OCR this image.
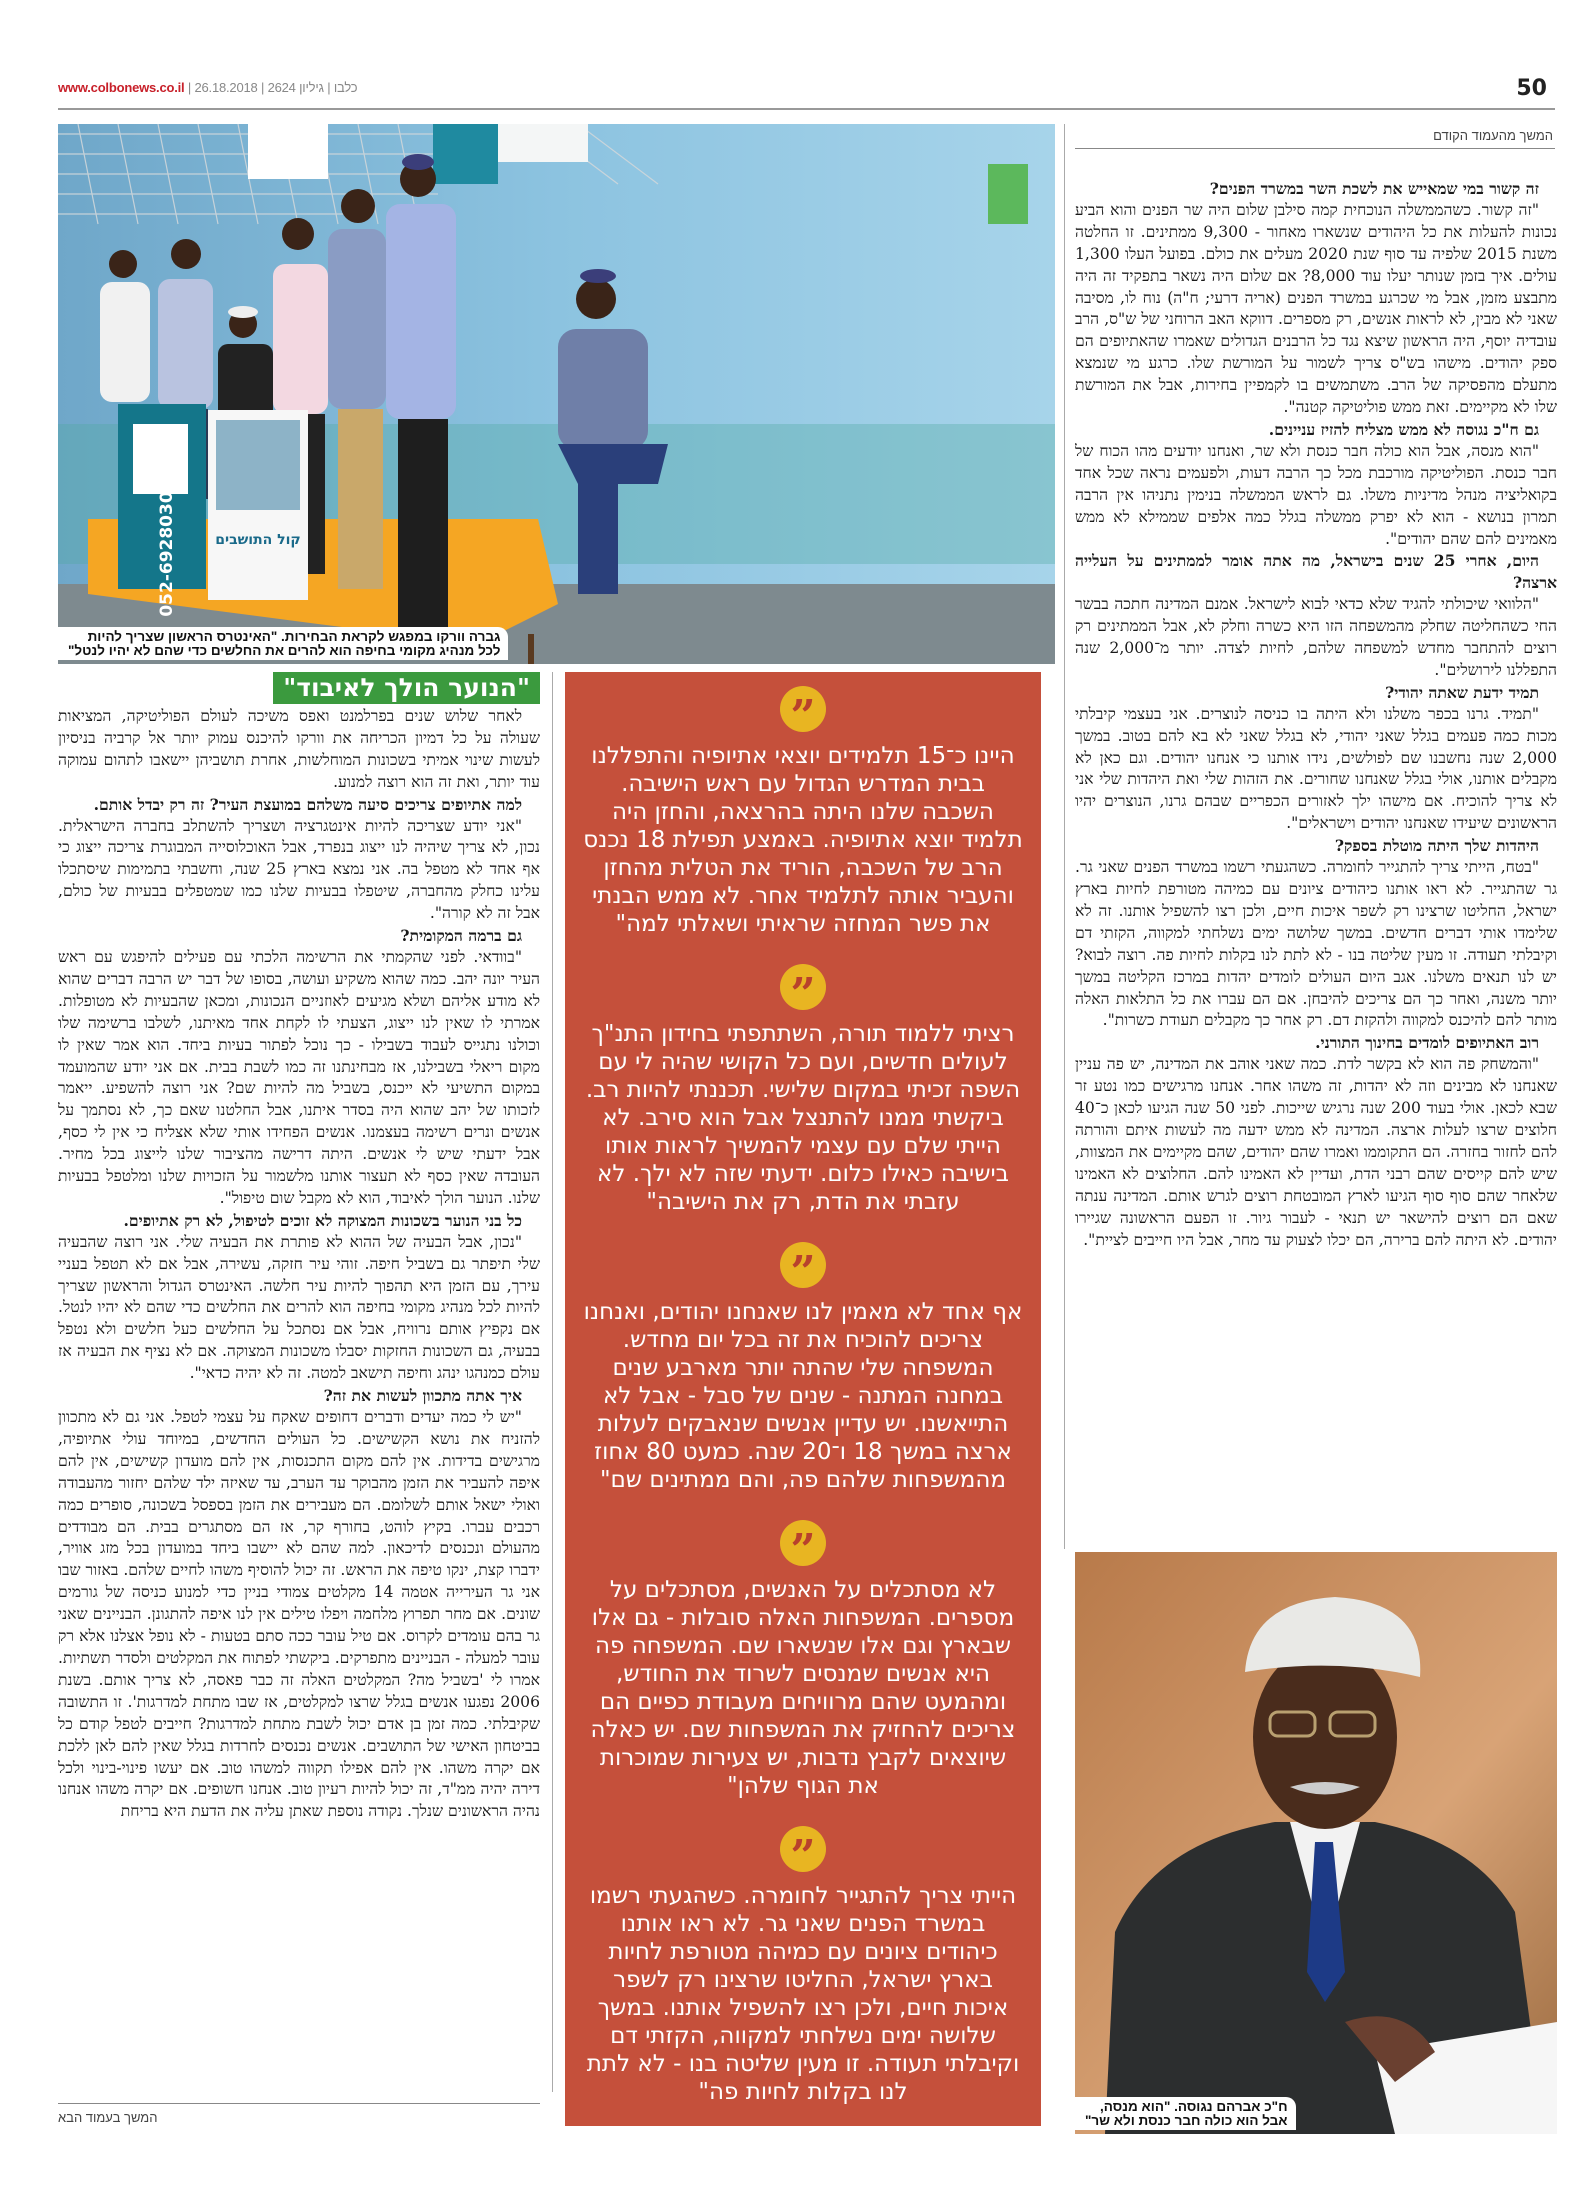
www.colbonews.co.il |	כלבו | גיליון 2624 | 26.18.2018	50
המשך מהעמוד הקודם
052-6928030	קול התושבים
גברה וורקו במפגש לקראת הבחירות. "האינטרס הראשון שצריך להיות
לכל מנהיג מקומי בחיפה הוא להרים את החלשים כדי שהם לא יהיו לנטל"
"הנוער הולך לאיבוד"

לאחר שלוש שנים בפרלמנט ואפס משיכה לעולם הפוליטיקה, המציאות שעולה על כל דמיון הכריחה את וורקו להיכנס עמוק יותר אל קרביה בניסיון לעשות שינוי אמיתי בשכונות המוחלשות, אחרת תושביהן יישאבו לתהום עמוקה עוד יותר, ואת זה הוא רוצה למנוע.

למה אתיופים צריכים סיעה משלהם במועצת העיר? זה רק יבדל אותם.

"אני יודע שצריכה להיות אינטגרציה ושצריך להשתלב בחברה הישראלית. נכון, לא צריך שיהיה לנו ייצוג בנפרד, אבל האוכלוסייה המבוגרת צריכה ייצוג כי אף אחד לא מטפל בה. אני נמצא בארץ 25 שנה, וחשבתי בתמימות שיסתכלו עלינו כחלק מהחברה, שיטפלו בבעיות שלנו כמו שמטפלים בבעיות של כולם, אבל זה לא קורה".

גם ברמה המקומית?

"בוודאי. לפני שהקמתי את הרשימה הלכתי עם פעילים להיפגש עם ראש העיר יונה יהב. כמה שהוא משקיע ועושה, בסופו של דבר יש הרבה דברים שהוא לא מודע אליהם ושלא מגיעים לאוזניים הנכונות, ומכאן שהבעיות לא מטופלות. אמרתי לו שאין לנו ייצוג, הצעתי לו לקחת אחד מאיתנו, לשלבו ברשימה שלו וכולנו נתגייס לעבוד בשבילו - כך נוכל לפתור בעיות ביחד. הוא אמר שאין לו מקום ריאלי בשבילנו, אז מבחינתנו זה כמו לשבת בבית. אם אני יודע שהמועמד במקום התשיעי לא ייכנס, בשביל מה להיות שם? אני רוצה להשפיע. ייאמר לזכותו של יהב שהוא היה בסדר איתנו, אבל החלטנו שאם כך, לא נסתמך על אנשים ונרים רשימה בעצמנו. אנשים הפחידו אותי שלא אצליח כי אין לי כסף, אבל ידעתי שיש לי אנשים. היתה דרישה מהציבור שלנו לייצוג בכל מחיר. העובדה שאין כסף לא תעצור אותנו מלשמור על הזכויות שלנו ומלטפל בבעיות שלנו. הנוער הולך לאיבוד, הוא לא מקבל שום טיפול".

כל בני הנוער בשכונות המצוקה לא זוכים לטיפול, לא רק אתיופים.

"נכון, אבל הבעיה של ההוא לא פותרת את הבעיה שלי. אני רוצה שהבעיה שלי תיפתר גם בשביל חיפה. זוהי עיר חזקה, עשירה, אבל אם לא תטפל בעניי עירך, עם הזמן היא תהפוך להיות עיר חלשה. האינטרס הגדול והראשון שצריך להיות לכל מנהיג מקומי בחיפה הוא להרים את החלשים כדי שהם לא יהיו לנטל. אם נקפיץ אותם נרוויח, אבל אם נסתכל על החלשים כעל חלשים ולא נטפל בבעיה, גם השכונות החזקות יסבלו משכונות המצוקה. אם לא נציף את הבעיה אז עולם כמנהגו ינהג וחיפה תישאב למטה. זה לא יהיה כדאי".

איך אתה מתכוון לעשות את זה?

"יש לי כמה יעדים ודברים דחופים שאקח על עצמי לטפל. אני גם לא מתכוון להזניח את נושא הקשישים. כל העולים החדשים, במיוחד עולי אתיופיה, מרגישים בדידות. אין להם מקום התכנסות, אין להם מועדון קשישים, אין להם איפה להעביר את הזמן מהבוקר עד הערב, עד שאיזה ילד שלהם יחזור מהעבודה ואולי ישאל אותם לשלומם. הם מעבירים את הזמן בספסל בשכונה, סופרים כמה רכבים עברו. בקיץ לוהט, בחורף קר, אז הם מסתגרים בבית. הם מבודדים מהעולם ונכנסים לדיכאון. למה שהם לא יישבו ביחד במועדון בכל מזג אוויר, ידברו קצת, ינקו טיפה את הראש. זה יכול להוסיף משהו לחיים שלהם. באזור שבו אני גר העירייה אטמה 14 מקלטים צמודי בניין כדי למנוע כניסה של גורמים שונים. אם מחר תפרוץ מלחמה ויפלו טילים אין לנו איפה להתגונן. הבניינים שאני גר בהם עומדים לקרוס. אם טיל עובר ככה סתם בטעות - לא נופל אצלנו אלא רק עובר למעלה - הבניינים מתפרקים. ביקשתי לפתוח את המקלטים ולסדר תשתיות. אמרו לי 'בשביל מה? המקלטים האלה זה כבר פאסה, לא צריך אותם. בשנת 2006 נפגעו אנשים בגלל שרצו למקלטים, אז שבו מתחת למדרגות'. זו התשובה שקיבלתי. כמה זמן בן אדם יכול לשבת מתחת למדרגות? חייבים לטפל קודם כל בביטחון האישי של התושבים. אנשים נכנסים לחרדות בגלל שאין להם לאן ללכת אם יקרה משהו. אין להם אפילו תקווה למשהו טוב. אם יעשו פינוי-בינוי ולכל דירה יהיה ממ"ד, זה יכול להיות רעיון טוב. אנחנו חשופים. אם יקרה משהו אנחנו נהיה הראשונים שנלך. נקודה נוספת שאתן עליה את הדעת היא בריחת

המשך בעמוד הבא
”
היינו כ־15 תלמידים יוצאי אתיופיה והתפללנו בבית המדרש הגדול עם ראש הישיבה. השכבה שלנו היתה בהרצאה, והחזן היה תלמיד יוצא אתיופיה. באמצע תפילת 18 נכנס הרב של השכבה, הוריד את הטלית מהחזן והעביר אותה לתלמיד אחר. לא ממש הבנתי את פשר המחזה שראיתי ושאלתי למה"
”
רציתי ללמוד תורה, השתתפתי בחידון התנ"ך לעולים חדשים, ועם כל הקושי שהיה לי עם השפה זכיתי במקום שלישי. תכננתי להיות רב. ביקשתי ממנו להתנצל אבל הוא סירב. לא הייתי שלם עם עצמי להמשיך לראות אותו בישיבה כאילו כלום. ידעתי שזה לא ילך. לא עזבתי את הדת, רק את הישיבה"
”
אף אחד לא מאמין לנו שאנחנו יהודים, ואנחנו צריכים להוכיח את זה בכל יום מחדש. המשפחה שלי שהתה יותר מארבע שנים במחנה המתנה - שנים של סבל - אבל לא התייאשנו. יש עדיין אנשים שנאבקים לעלות ארצה במשך 18 ו־20 שנה. כמעט 80 אחוז מהמשפחות שלהם פה, והם ממתינים שם"
”
לא מסתכלים על האנשים, מסתכלים על מספרים. המשפחות האלה סובלות - גם אלו שבארץ וגם אלו שנשארו שם. המשפחה פה היא אנשים שמנסים לשרוד את החודש, ומהמעט שהם מרוויחים מעבודת כפיים הם צריכים להחזיק את המשפחות שם. יש כאלה שיוצאים לקבץ נדבות, יש צעירות שמוכרות את הגוף שלהן"
”
הייתי צריך להתגייר לחומרה. כשהגעתי רשמו במשרד הפנים שאני גר. לא ראו אותנו כיהודים ציונים עם כמיהה מטורפת לחיות בארץ ישראל, החליטו שרצינו רק לשפר איכות חיים, ולכן רצו להשפיל אותנו. במשך שלושה ימים נשלחתי למקווה, הקזתי דם וקיבלתי תעודה. זו מעין שליטה בנו - לא לתת לנו בקלות לחיות פה"

זה קשור במי שמאייש את לשכת השר במשרד הפנים?

"זה קשור. כשהממשלה הנוכחית קמה סילבן שלום היה שר הפנים והוא הביע נכונות להעלות את כל היהודים שנשארו מאחור - 9,300 ממתינים. זו החלטה משנת 2015 שלפיה עד סוף שנת 2020 מעלים את כולם. בפועל העלו 1,300 עולים. איך בזמן שנותר יעלו עוד 8,000? אם שלום היה נשאר בתפקיד זה היה מתבצע מזמן, אבל מי שכרגע במשרד הפנים (אריה דרעי; ח"ה) נוח לו, מסיבה שאני לא מבין, לא לראות אנשים, רק מספרים. דווקא האב הרוחני של ש"ס, הרב עובדיה יוסף, היה הראשון שיצא נגד כל הרבנים הגדולים שאמרו שהאתיופים הם ספק יהודים. מישהו בש"ס צריך לשמור על המורשת שלו. כרגע מי שנמצא מתעלם מהפסיקה של הרב. משתמשים בו לקמפיין בחירות, אבל את המורשת שלו לא מקיימים. זאת ממש פוליטיקה קטנה".

גם ח"כ נגוסה לא ממש מצליח להזיז עניינים.

"הוא מנסה, אבל הוא כולה חבר כנסת ולא שר, ואנחנו יודעים מהו הכוח של חבר כנסת. הפוליטיקה מורכבת מכל כך הרבה דעות, ולפעמים נראה שכל אחד בקואליציה מנהל מדיניות משלו. גם לראש הממשלה בנימין נתניהו אין הרבה תמרון בנושא - הוא לא יפרק ממשלה בגלל כמה אלפים שממילא לא ממש מאמינים להם שהם יהודים".

היום, אחרי 25 שנים בישראל, מה אתה אומר לממתינים על העלייה ארצה?

"הלוואי שיכולתי להגיד שלא כדאי לבוא לישראל. אמנם המדינה חתכה בבשר החי כשהחליטה שחלק מהמשפחה הזו היא כשרה וחלק לא, אבל הממתינים רק רוצים להתחבר מחדש למשפחה שלהם, לחיות לצדה. יותר מ־2,000 שנה התפללנו לירושלים".

תמיד ידעת שאתה יהודי?

"תמיד. גרנו בכפר משלנו ולא היתה בו כניסה לנוצרים. אני בעצמי קיבלתי מכות כמה פעמים בגלל שאני יהודי, לא בגלל שאני לא בא להם בטוב. במשך 2,000 שנה נחשבנו שם לפולשים, נידו אותנו כי אנחנו יהודים. וגם כאן לא מקבלים אותנו, אולי בגלל שאנחנו שחורים. את הזהות שלי ואת היהדות שלי אני לא צריך להוכיח. אם מישהו ילך לאזורים הכפריים שבהם גרנו, הנוצרים יהיו הראשונים שיעידו שאנחנו יהודים וישראלים".

היהדות שלך היתה מוטלת בספק?

"בטח, הייתי צריך להתגייר לחומרה. כשהגעתי רשמו במשרד הפנים שאני גר. גר שהתגייר. לא ראו אותנו כיהודים ציונים עם כמיהה מטורפת לחיות בארץ ישראל, החליטו שרצינו רק לשפר איכות חיים, ולכן רצו להשפיל אותנו. זה לא שלימדו אותי דברים חדשים. במשך שלושה ימים נשלחתי למקווה, הקזתי דם וקיבלתי תעודה. זו מעין שליטה בנו - לא לתת לנו בקלות לחיות פה. רוצה לבוא? יש לנו תנאים משלנו. אגב היום העולים לומדים יהדות במרכז הקליטה במשך יותר משנה, ואחר כך הם צריכים להיבחן. אם הם עברו את כל התלאות האלה מותר להם להיכנס למקווה ולהקזת דם. רק אחר כך מקבלים תעודת כשרות".

רוב האתיופים לומדים בחינוך התורני.

"והמשחק פה הוא לא בקשר לדת. כמה שאני אוהב את המדינה, יש פה עניין שאנחנו לא מבינים וזה לא יהדות, זה משהו אחר. אנחנו מרגישים כמו נטע זר שבא לכאן. אולי בעוד 200 שנה נרגיש שייכות. לפני 50 שנה הגיעו לכאן כ־40 חלוצים שרצו לעלות ארצה. המדינה לא ממש ידעה מה לעשות איתם והורתה להם לחזור בחזרה. הם התקוממו ואמרו שהם יהודים, שהם מקיימים את המצוות, שיש להם קייסים שהם רבני הדת, ועדיין לא האמינו להם. החלוצים לא האמינו שלאחר שהם סוף סוף הגיעו לארץ המובטחת רוצים לגרש אותם. המדינה ענתה שאם הם רוצים להישאר יש תנאי - לעבור גיור. זו הפעם הראשונה שגיירו יהודים. לא היתה להם ברירה, הם יכלו לצעוק עד מחר, אבל היו חייבים לציית".

ח"כ אברהם נגוסה. "הוא מנסה,
אבל הוא כולה חבר כנסת ולא שר"
